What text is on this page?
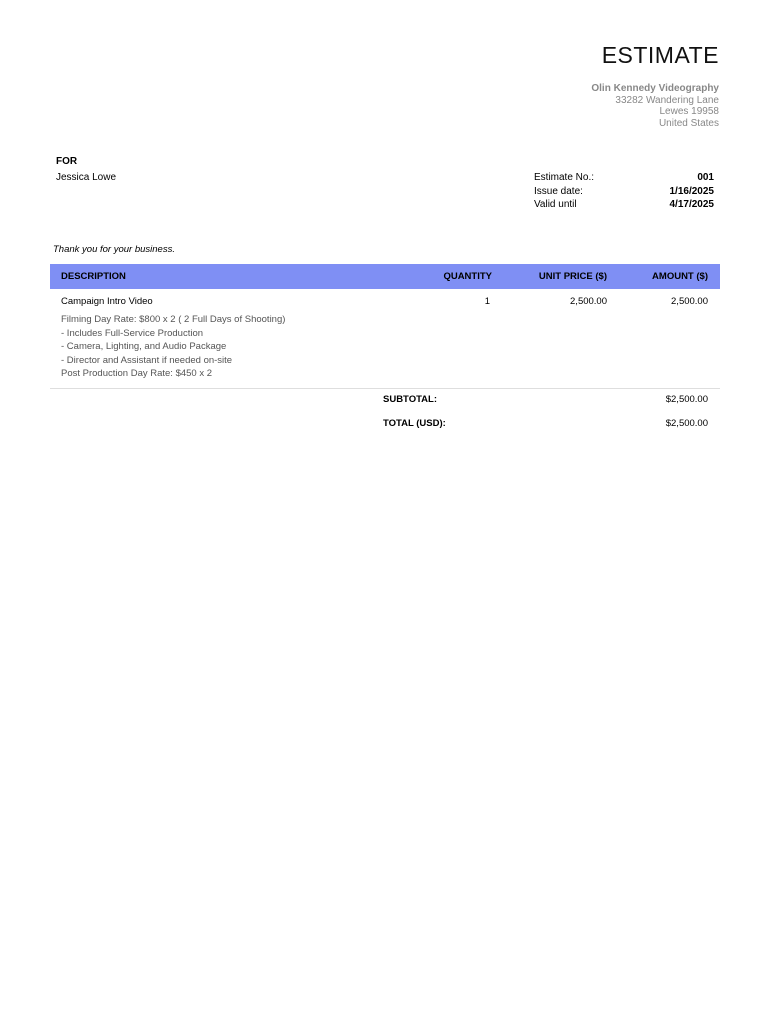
ESTIMATE
Olin Kennedy Videography
33282 Wandering Lane
Lewes 19958
United States
FOR
Jessica Lowe	Estimate No.:	001
Issue date:	1/16/2025
Valid until	4/17/2025
Thank you for your business.
DESCRIPTION	QUANTITY	UNIT PRICE ($)	AMOUNT ($)
Campaign Intro Video	1	2,500.00	2,500.00
Filming Day Rate: $800 x 2 ( 2 Full Days of Shooting)
- Includes Full-Service Production
- Camera, Lighting, and Audio Package
- Director and Assistant if needed on-site
Post Production Day Rate: $450 x 2
SUBTOTAL:	$2,500.00
TOTAL (USD):	$2,500.00
